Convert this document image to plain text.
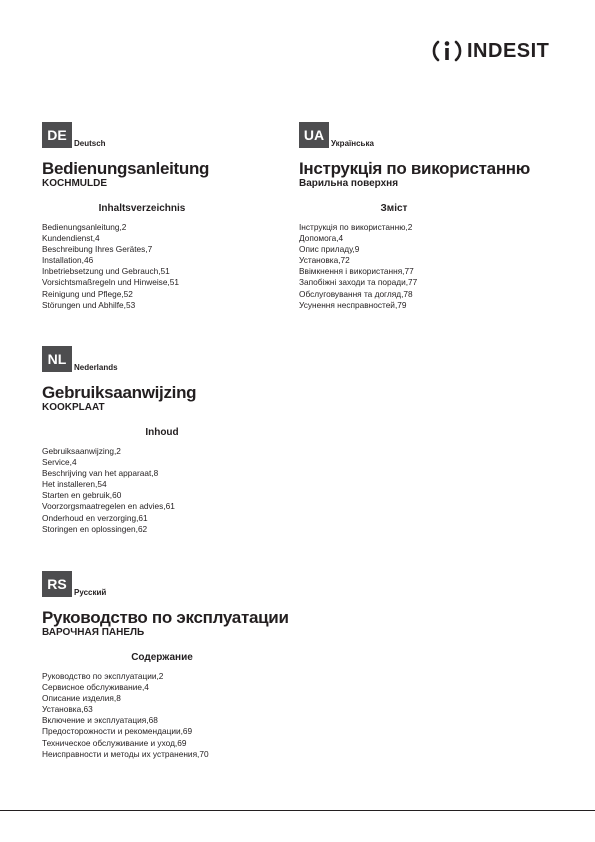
INDESIT
DE
Deutsch
Bedienungsanleitung
KOCHMULDE
Inhaltsverzeichnis
Bedienungsanleitung,2
Kundendienst,4
Beschreibung Ihres Gerätes,7
Installation,46
Inbetriebsetzung und Gebrauch,51
Vorsichtsmaßregeln und Hinweise,51
Reinigung und Pflege,52
Störungen und Abhilfe,53
UA
Українська
Інструкція по використанню
Варильна поверхня
Зміст
Інструкція по використанню,2
Допомога,4
Опис приладу,9
Установка,72
Ввімкнення і використання,77
Запобіжні заходи та поради,77
Обслуговування та догляд,78
Усунення несправностей,79
NL
Nederlands
Gebruiksaanwijzing
KOOKPLAAT
Inhoud
Gebruiksaanwijzing,2
Service,4
Beschrijving van het apparaat,8
Het installeren,54
Starten en gebruik,60
Voorzorgsmaatregelen en advies,61
Onderhoud en verzorging,61
Storingen en oplossingen,62
RS
Русский
Руководство по эксплуатации
ВАРОЧНАЯ ПАНЕЛЬ
Содержание
Руководство по эксплуатации,2
Сервисное обслуживание,4
Описание изделия,8
Установка,63
Включение и эксплуатация,68
Предосторожности и рекомендации,69
Техническое обслуживание и уход,69
Неисправности и методы их устранения,70
